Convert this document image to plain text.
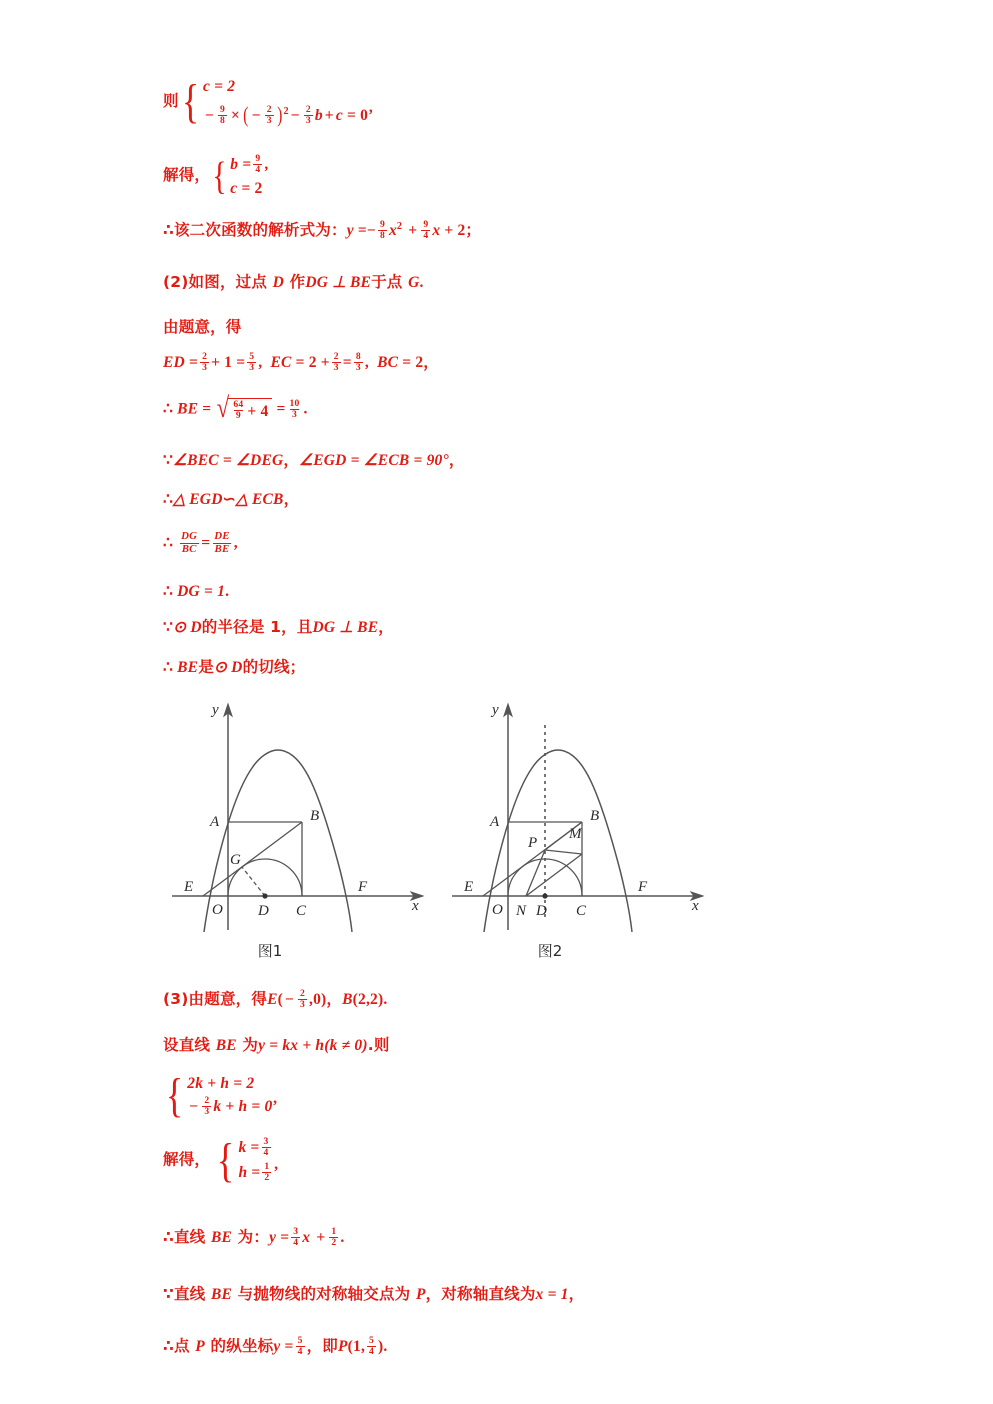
则 { c = 2
− $\frac{9}{8}$ × ( − $\frac{2}{3} )^2 - \frac{2}{3}$ b + c = 0’
解得， { $b = \frac{9}{4}$ ,
c = 2
∴该二次函数的解析式为：$y =- \frac{9}{8} x^2 + \frac{9}{4}$ x + 2；
(2)如图，过点 D 作DG ⊥ BE于点 G.
由题意，得
ED = $\frac{2}{3} + 1 = \frac{5}{3}$ , EC = $2 + \frac{2}{3} = \frac{8}{3}$ , BC = 2，
∴ BE = √ $\frac{64}{9} + 4 = \frac{10}{3}$ .
∵∠BEC = ∠DEG，∠EGD = ∠ECB = 90°，
∴△ EGD∽△ ECB，
∴ $\frac{DG}{BC} = \frac{DE}{BE}$ ,
∴ DG = 1.
∵⊙ D的半径是 1，且DG ⊥ BE，
∴ BE是⊙ D的切线；
A	B
E	F
G
O D C	x
y
图1
A	B
E	F
P
M
N
O D C	x
y
图2
(3)由题意，得$E( - \frac{2}{3} ,0)$，B(2,2).
设直线 BE 为y = kx + h(k ≠ 0).则
{ 2k + h = 2
− $\frac{2}{3}$ k + h = 0’
解得， { $k = \frac{3}{4}$
$h = \frac{1}{2}$ ’
∴直线 BE 为：$y = \frac{3}{4}$ $x + \frac{1}{2}$ .
∵直线 BE 与抛物线的对称轴交点为 P，对称轴直线为x = 1，
∴点 P 的纵坐标$y = \frac{5}{4}$ ，即P(1, $\frac{5}{4}$ ).
